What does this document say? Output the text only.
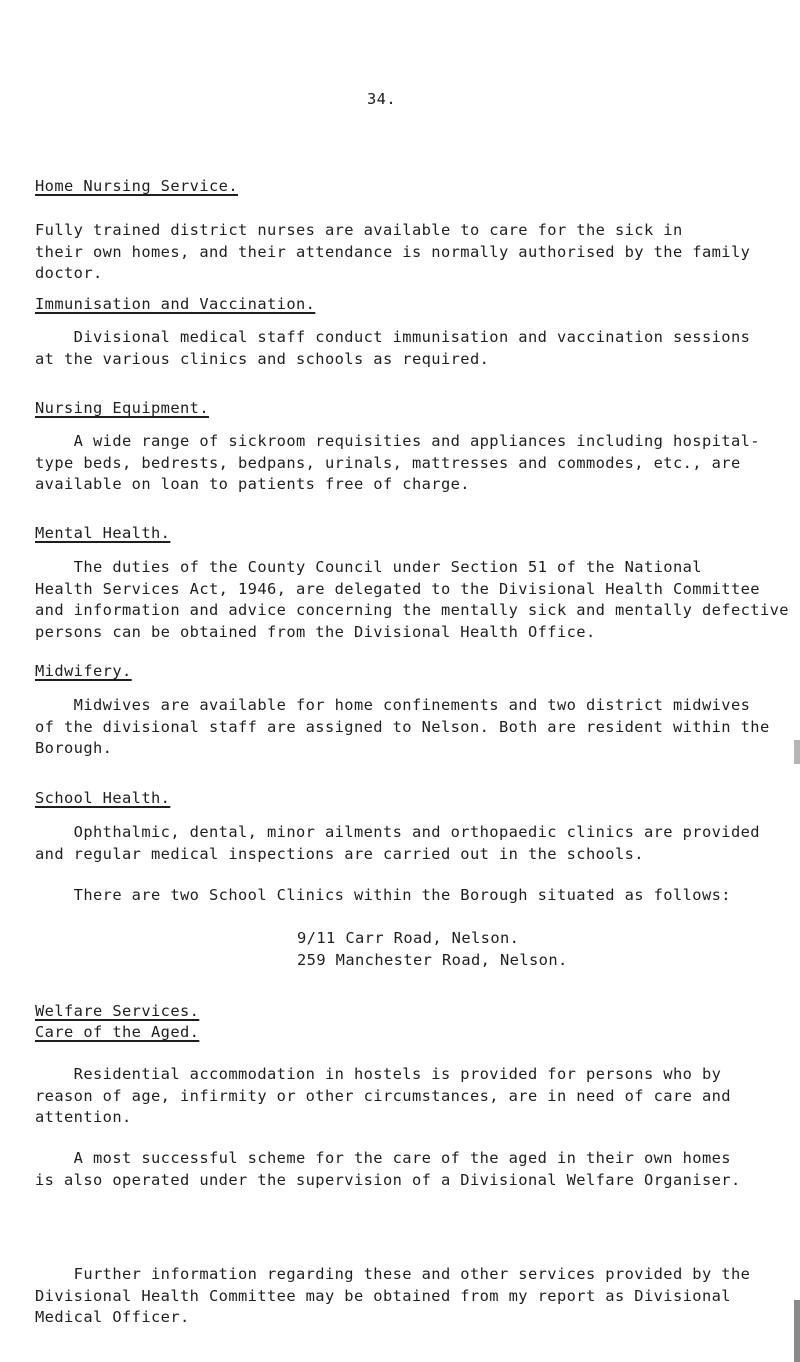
34.
Home Nursing Service.
Fully trained district nurses are available to care for the sick in
their own homes, and their attendance is normally authorised by the family
doctor.
Immunisation and Vaccination.
Divisional medical staff conduct immunisation and vaccination sessions
at the various clinics and schools as required.
Nursing Equipment.
A wide range of sickroom requisities and appliances including hospital-
type beds, bedrests, bedpans, urinals, mattresses and commodes, etc., are
available on loan to patients free of charge.
Mental Health.
The duties of the County Council under Section 51 of the National
Health Services Act, 1946, are delegated to the Divisional Health Committee
and information and advice concerning the mentally sick and mentally defective
persons can be obtained from the Divisional Health Office.
Midwifery.
Midwives are available for home confinements and two district midwives
of the divisional staff are assigned to Nelson. Both are resident within the
Borough.
School Health.
Ophthalmic, dental, minor ailments and orthopaedic clinics are provided
and regular medical inspections are carried out in the schools.
There are two School Clinics within the Borough situated as follows:
9/11 Carr Road, Nelson.
259 Manchester Road, Nelson.
Welfare Services.
Care of the Aged.
Residential accommodation in hostels is provided for persons who by
reason of age, infirmity or other circumstances, are in need of care and
attention.
A most successful scheme for the care of the aged in their own homes
is also operated under the supervision of a Divisional Welfare Organiser.
Further information regarding these and other services provided by the
Divisional Health Committee may be obtained from my report as Divisional
Medical Officer.
